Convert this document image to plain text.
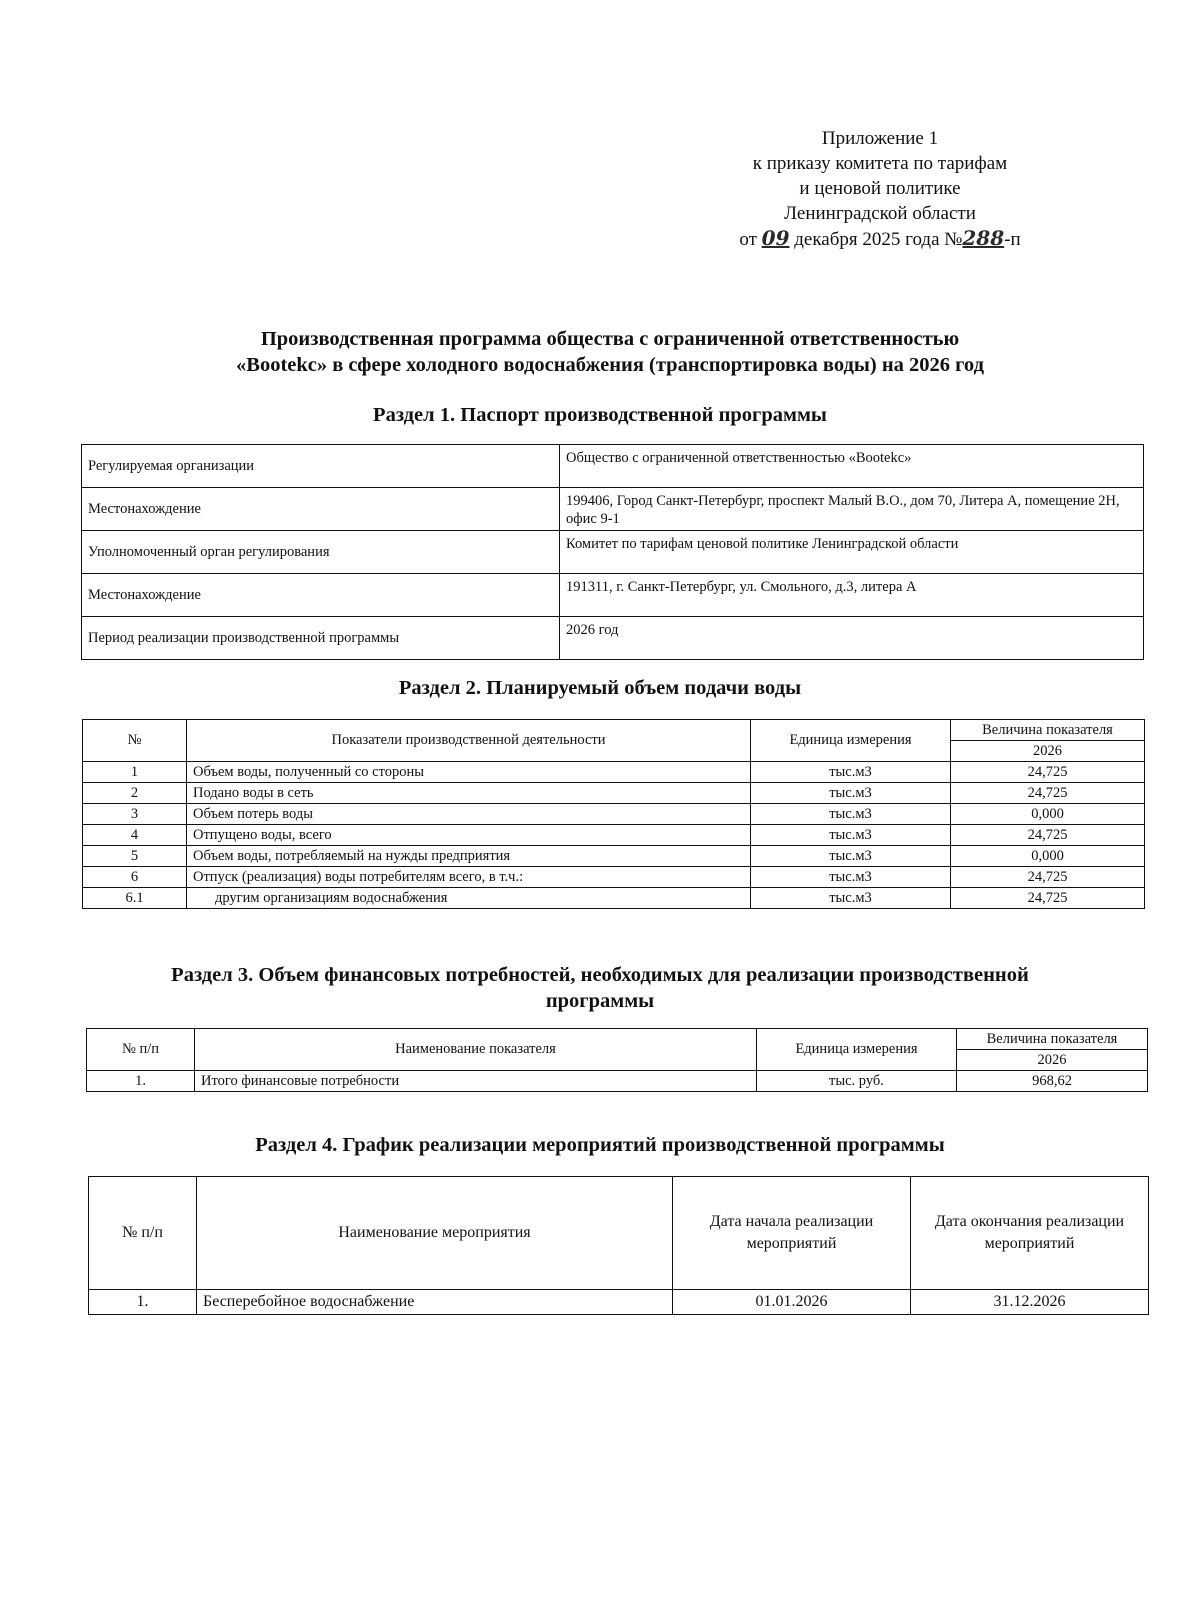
Приложение 1
к приказу комитета по тарифам
и ценовой политике
Ленинградской области
от 09 декабря 2025 года №288-п
Производственная программа общества с ограниченной ответственностью
«Вootekc» в сфере холодного водоснабжения (транспортировка воды) на 2026 год
Раздел 1. Паспорт производственной программы
Регулируемая организации	Общество с ограниченной ответственностью «Вootekc»
Местонахождение	199406, Город Санкт-Петербург, проспект Малый В.О., дом 70, Литера А, помещение 2Н, офис 9-1
Уполномоченный орган регулирования	Комитет по тарифам ценовой политике Ленинградской области
Местонахождение	191311, г. Санкт-Петербург, ул. Смольного, д.3, литера А
Период реализации производственной программы	2026 год
Раздел 2. Планируемый объем подачи воды
№	Показатели производственной деятельности	Единица измерения	Величина показателя
			2026
1	Объем воды, полученный со стороны	тыс.м3	24,725
2	Подано воды в сеть	тыс.м3	24,725
3	Объем потерь воды	тыс.м3	0,000
4	Отпущено воды, всего	тыс.м3	24,725
5	Объем воды, потребляемый на нужды предприятия	тыс.м3	0,000
6	Отпуск (реализация) воды потребителям всего, в т.ч.:	тыс.м3	24,725
6.1	другим организациям водоснабжения	тыс.м3	24,725
Раздел 3. Объем финансовых потребностей, необходимых для реализации производственной
программы
№ п/п	Наименование показателя	Единица измерения	Величина показателя
			2026
1.	Итого финансовые потребности	тыс. руб.	968,62
Раздел 4. График реализации мероприятий производственной программы
№ п/п	Наименование мероприятия	Дата начала реализации мероприятий	Дата окончания реализации мероприятий
1.	Бесперебойное водоснабжение	01.01.2026	31.12.2026
